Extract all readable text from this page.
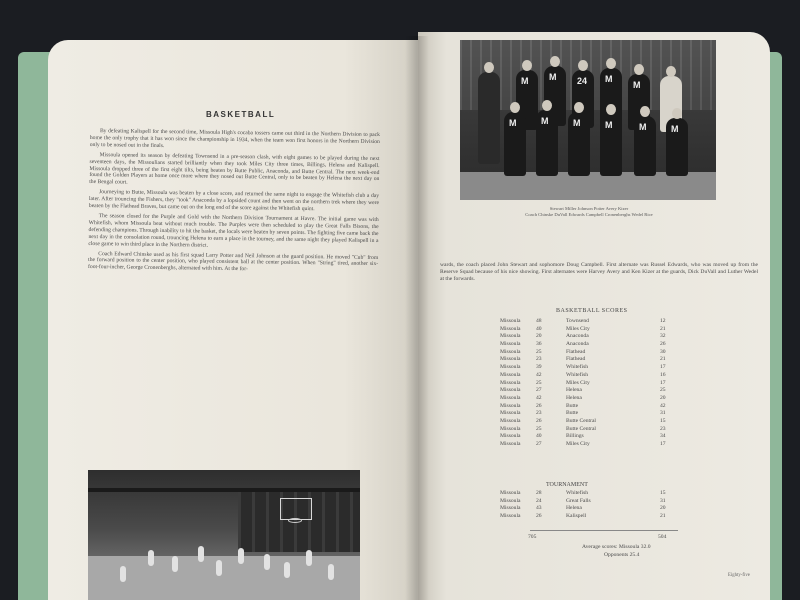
BASKETBALL

By defeating Kalispell for the second time, Missoula High's cocaba tossers came out third in the Northern Division to pack home the only trophy that it has won since the championship in 1934, when the team won first honors in the Northern Division only to be nosed out in the finals.

Missoula opened its season by defeating Townsend in a pre-season clash, with eight games to be played during the next seventeen days, the Missoulians started brilliantly when they took Miles City three times, Billings, Helena and Kalispell. Missoula dropped three of the first eight tilts, being beaten by Butte Public, Anaconda, and Butte Central. The next week-end found the Golden Players at home once more where they nosed out Butte Central, only to be beaten by Helena the next day on the Bengal court.

Journeying to Butte, Missoula was beaten by a close score, and returned the same night to engage the Whitefish club a day later. After trouncing the Fishers, they "took" Anaconda by a lopsided count and then went on the northern trek where they were beaten by the Flathead Braves, but came out on the long end of the score against the Whitefish quint.

The season closed for the Purple and Gold with the Northern Division Tournament at Havre. The initial game was with Whitefish, whom Missoula beat without much trouble. The Purples were then scheduled to play the Great Falls Bisons, the defending champions. Through inability to hit the basket, the locals were beaten by seven points. The fighting five came back the next day in the consolation round, trouncing Helena to earn a place in the tourney, and the same night they played Kalispell in a close game to win third place in the Northern district.

Coach Edward Chinske used as his first squad Larry Potter and Neil Johnson at the guard position. He moved "Cub" from the forward position to the center position, who played consistent ball at the center position. When "String" tired, another six-foot-four-incher, George Cronenberghs, alternated with him. At the for-

M M 24 M
M
M	M	M	M	M	M
Stewart Miller Johnson Potter Avery Kizer
Coach Chinske DuVall Edwards Campbell Cronenberghs Wedel Rice
wards, the coach placed John Stewart and sophomore Doug Campbell. First alternate was Russel Edwards, who was moved up from the Reserve Squad because of his nice showing. First alternates were Harvey Avery and Ken Kizer at the guards, Dick DuVall and Luther Wedel at the forwards.
BASKETBALL SCORES
Missoula	48	Townsend	12
Missoula	40	Miles City	21
Missoula	20	Anaconda	32
Missoula	36	Anaconda	26
Missoula	25	Flathead	30
Missoula	23	Flathead	21
Missoula	39	Whitefish	17
Missoula	42	Whitefish	16
Missoula	25	Miles City	17
Missoula	27	Helena	25
Missoula	42	Helena	20
Missoula	26	Butte	42
Missoula	23	Butte	31
Missoula	26	Butte Central	15
Missoula	25	Butte Central	23
Missoula	40	Billings	34
Missoula	27	Miles City	17
TOURNAMENT
Missoula	28	Whitefish	15
Missoula	24	Great Falls	31
Missoula	43	Helena	20
Missoula	26	Kalispell	21
705	504
Average scores: Missoula 32.0
Opponents 25.4
Eighty-five
